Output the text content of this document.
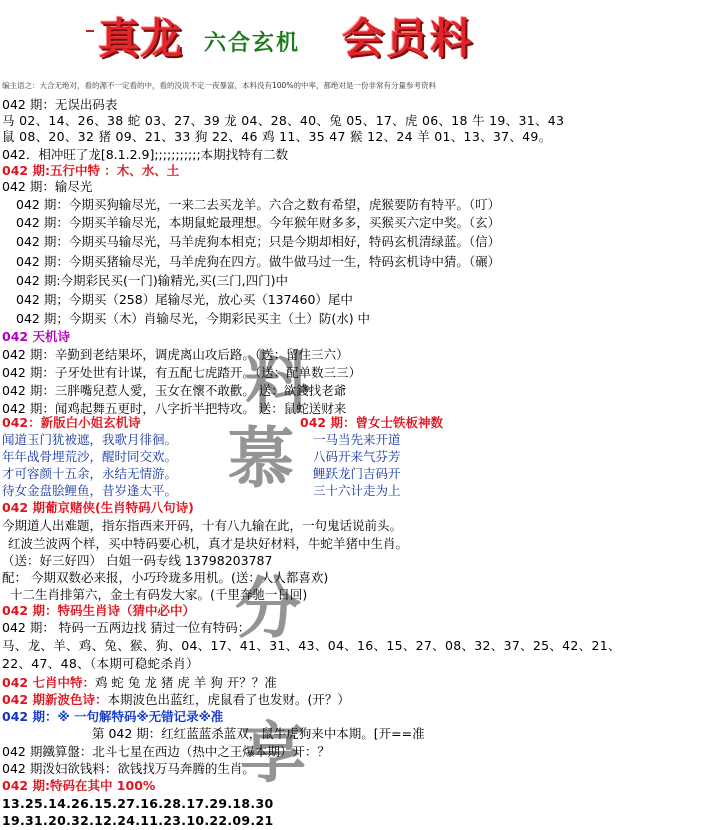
真龙 六合玄机 会员料
编主语之：大合无绝对，看的源不一定看的中，看的没说不定一夜暴富，本料没有100%的中率，都绝对是一份非常有分量参考资料
料
慕
分
享
042 期：无误出码表
马 02、14、26、38 蛇 03、27、39 龙 04、28、40、兔 05、17、虎 06、18 牛 19、31、43
鼠 08、20、32 猪 09、21、33 狗 22、46 鸡 11、35 47 猴 12、24 羊 01、13、37、49。
042．相冲旺了龙[8.1.2.9];;;;;;;;;;;本期找特有二数
042 期:五行中特 ：木、水、土
042 期：输尽光
042 期：今期买狗输尽光，一来二去买龙羊。六合之数有希望，虎猴要防有特平。（叮）
042 期：今期买羊输尽光，本期鼠蛇最理想。今年猴年财多多，买猴买六定中奖。（玄）
042 期：今期买马输尽光，马羊虎狗本相克；只是今期却相好，特码玄机清绿蓝。（信）
042 期：今期买猪输尽光，马羊虎狗在四方。做牛做马过一生，特码玄机诗中猜。（碾）
042 期:今期彩民买(一门)输精光,买(三门,四门)中
042 期；今期买（258）尾输尽光，放心买（137460）尾中
042 期；今期买（木）肖输尽光，今期彩民买主（土）防(水) 中
042 天机诗
042 期：辛勤到老结果坏，调虎离山攻后路。（送：留住三六）
042 期：子牙处世有计谋，有五配七虎踏开。（送：配单数三三）
042 期：三胖嘴兒惹人愛，玉女在懷不敢歡。 送：欲錢找老爺
042 期：闻鸡起舞五更时，八字折半把特攻。 送：鼠蛇送财来
042：新版白小姐玄机诗	042 期：曾女士铁板神数
闻道玉门犹被遮，我歌月徘徊。	一马当先来开道
年年战骨埋荒沙，醒时同交欢。	八码开来气芬芳
才可容颜十五余，永结无情游。	鲤跃龙门吉码开
待女金盘脍鲤鱼，昔岁逢太平。	三十六计走为上
042 期葡京赌侠(生肖特码八句诗)
今期道人出难题，指东指西来开码，十有八九输在此，一句鬼话说前头。
红波兰波两个样，买中特码要心机，真才是块好材料，牛蛇羊猪中生肖。
（送：好三好四） 白姐一码专线 13798203787
配： 今期双数必来报，小巧玲珑多用机。(送：人人都喜欢)
十二生肖排第六，金土有码发大家。(千里奔驰一日回)
042 期：特码生肖诗（猜中必中）
042 期： 特码一五两边找 猜过一位有特码：
马、龙、羊、鸡、兔、猴、狗、04、17、41、31、43、04、16、15、27、08、32、37、25、42、21、
22、47、48、（本期可稳蛇杀肖）
042 七肖中特：鸡 蛇 兔 龙 猪 虎 羊 狗 开？？准
042 期新波色诗：本期波色出蓝红，虎鼠看了也发财。(开？）
042 期：※ 一句解特码※无错记录※准
第 042 期：红红蓝蓝杀蓝双，鼠牛虎狗来中本期。[开==准
042 期鐵算盤：北斗七星在西边（热中之王爆本期）开：？
042 期泼妇欲钱料：欲钱找万马奔腾的生肖。
042 期:特码在其中 100%
13.25.14.26.15.27.16.28.17.29.18.30
19.31.20.32.12.24.11.23.10.22.09.21
